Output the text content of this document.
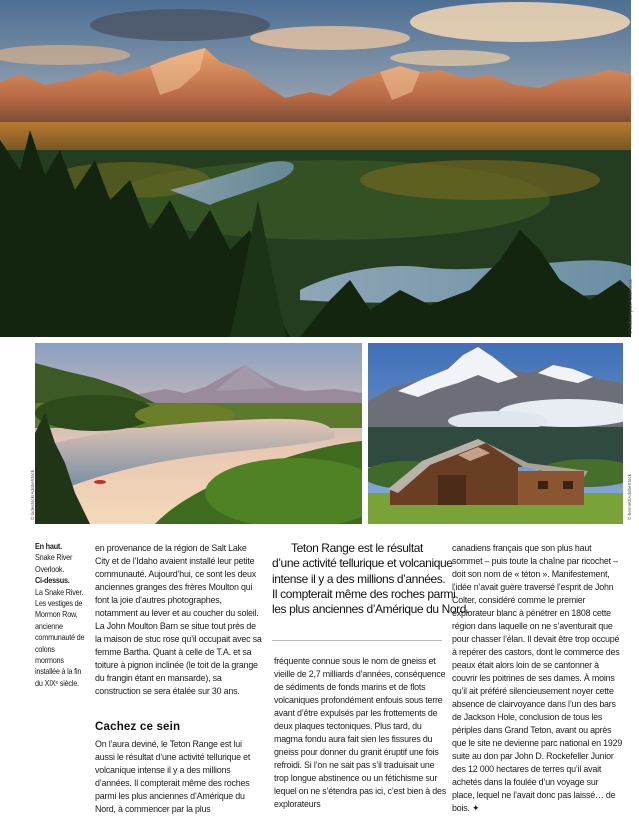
© baikaldepaw/Adobestock
© lodestock/AdobeStock	© bennett/AdobeStock
En haut.
Snake River Overlook.
Ci-dessus.
La Snake River. Les vestiges de Mormon Row, ancienne communauté de colons mormons installée à la fin du XIXᵉ siècle.

en provenance de la région de Salt Lake City et de l’Idaho avaient installé leur petite communauté. Aujourd’hui, ce sont les deux anciennes granges des frères Moulton qui font la joie d’autres photographes, notamment au lever et au coucher du soleil. La John Moulton Barn se situe tout près de la maison de stuc rose qu’il occupait avec sa femme Bartha. Quant à celle de T.A. et sa toiture à pignon inclinée (le toit de la grange du frangin étant en mansarde), sa construction se sera étalée sur 30 ans.

Cachez ce sein

On l’aura deviné, le Teton Range est lui aussi le résultat d’une activité tellurique et volcanique intense il y a des millions d’années. Il compterait même des roches parmi les plus anciennes d’Amérique du Nord, à commencer par la plus

Teton Range est le résultat
d’une activité tellurique et volcanique
intense il y a des millions d’années.
Il compterait même des roches parmi
les plus anciennes d’Amérique du Nord.

fréquente connue sous le nom de gneiss et vieille de 2,7 milliards d’années, conséquence de sédiments de fonds marins et de flots volcaniques profondément enfouis sous terre avant d’être expulsés par les frottements de deux plaques tectoniques. Plus tard, du magma fondu aura fait sien les fissures du gneiss pour donner du granit éruptif une fois refroidi. Si l’on ne sait pas s’il traduisait une trop longue abstinence ou un fétichisme sur lequel on ne s’étendra pas ici, c’est bien à des explorateurs

canadiens français que son plus haut sommet – puis toute la chaîne par ricochet – doit son nom de « téton ». Manifestement, l’idée n’avait guère traversé l’esprit de John Colter, considéré comme le premier explorateur blanc à pénétrer en 1808 cette région dans laquelle on ne s’aventurait que pour chasser l’élan. Il devait être trop occupé à repérer des castors, dont le commerce des peaux était alors loin de se cantonner à couvrir les poitrines de ses dames. À moins qu’il ait préféré silencieusement noyer cette absence de clairvoyance dans l’un des bars de Jackson Hole, conclusion de tous les périples dans Grand Teton, avant ou après que le site ne devienne parc national en 1929 suite au don par John D. Rockefeller Junior des 12 000 hectares de terres qu’il avait achetés dans la foulée d’un voyage sur place, lequel ne l’avait donc pas laissé… de bois. ✦
